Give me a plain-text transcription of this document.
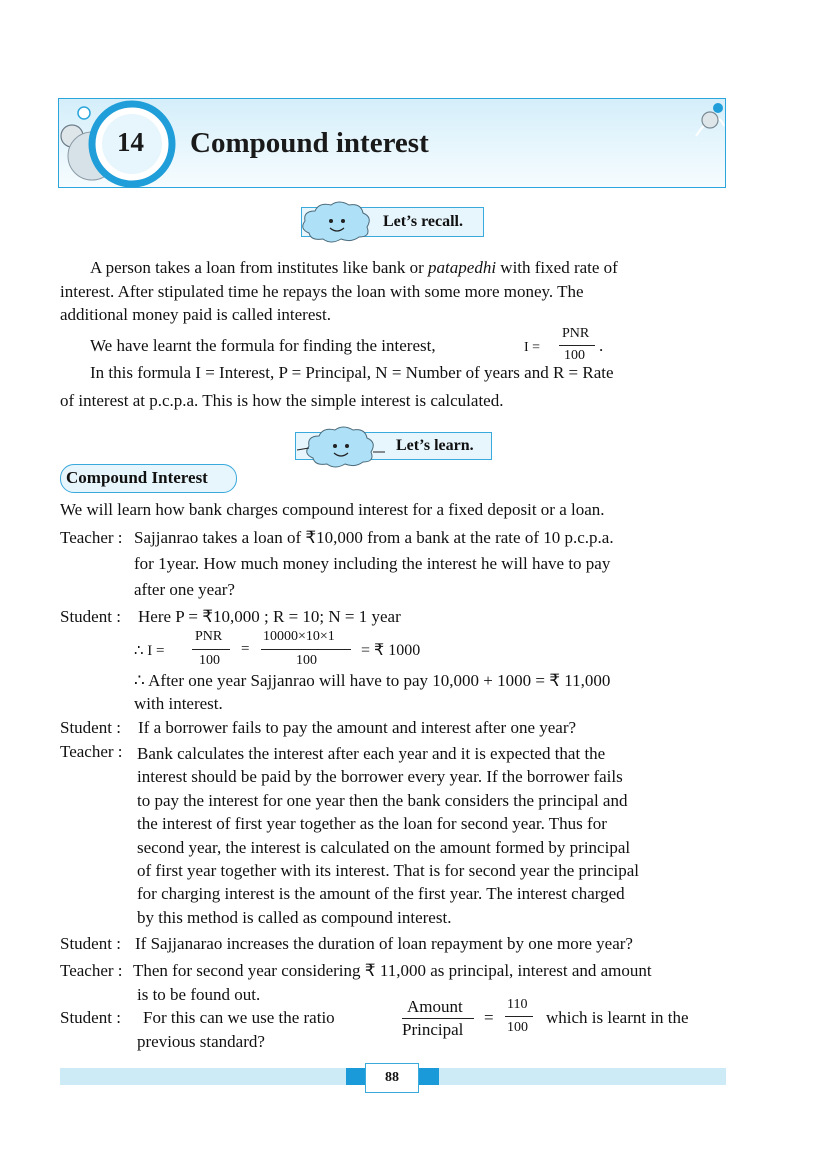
14 Compound interest
Let’s recall.
A person takes a loan from institutes like bank or patapedhi with fixed rate of
interest. After stipulated time he repays the loan with some more money. The
additional money paid is called interest.
We have learnt the formula for finding the interest,	I =
PNR
100
.
In this formula I = Interest, P = Principal, N = Number of years and R = Rate
of interest at p.c.p.a. This is how the simple interest is calculated.
Let’s learn.
Compound Interest
We will learn how bank charges compound interest for a fixed deposit or a loan.
Teacher : Sajjanrao takes a loan of ₹10,000 from a bank at the rate of 10 p.c.p.a.
for 1year. How much money including the interest he will have to pay
after one year?
Student : Here P = ₹10,000 ; R = 10; N = 1 year
∴ I =
PNR
100
=
10000×10×1
100
= ₹ 1000
∴ After one year Sajjanrao will have to pay 10,000 + 1000 = ₹ 11,000
with interest.
Student : If a borrower fails to pay the amount and interest after one year?
Teacher : Bank calculates the interest after each year and it is expected that the
interest should be paid by the borrower every year. If the borrower fails
to pay the interest for one year then the bank considers the principal and
the interest of first year together as the loan for second year. Thus for
second year, the interest is calculated on the amount formed by principal
of first year together with its interest. That is for second year the principal
for charging interest is the amount of the first year. The interest charged
by this method is called as compound interest.
Student : If Sajjanarao increases the duration of loan repayment by one more year?
Teacher : Then for second year considering ₹ 11,000 as principal, interest and amount
is to be found out.
Student : For this can we use the ratio
Amount
Principal
=
110
100
which is learnt in the
previous standard?
88
